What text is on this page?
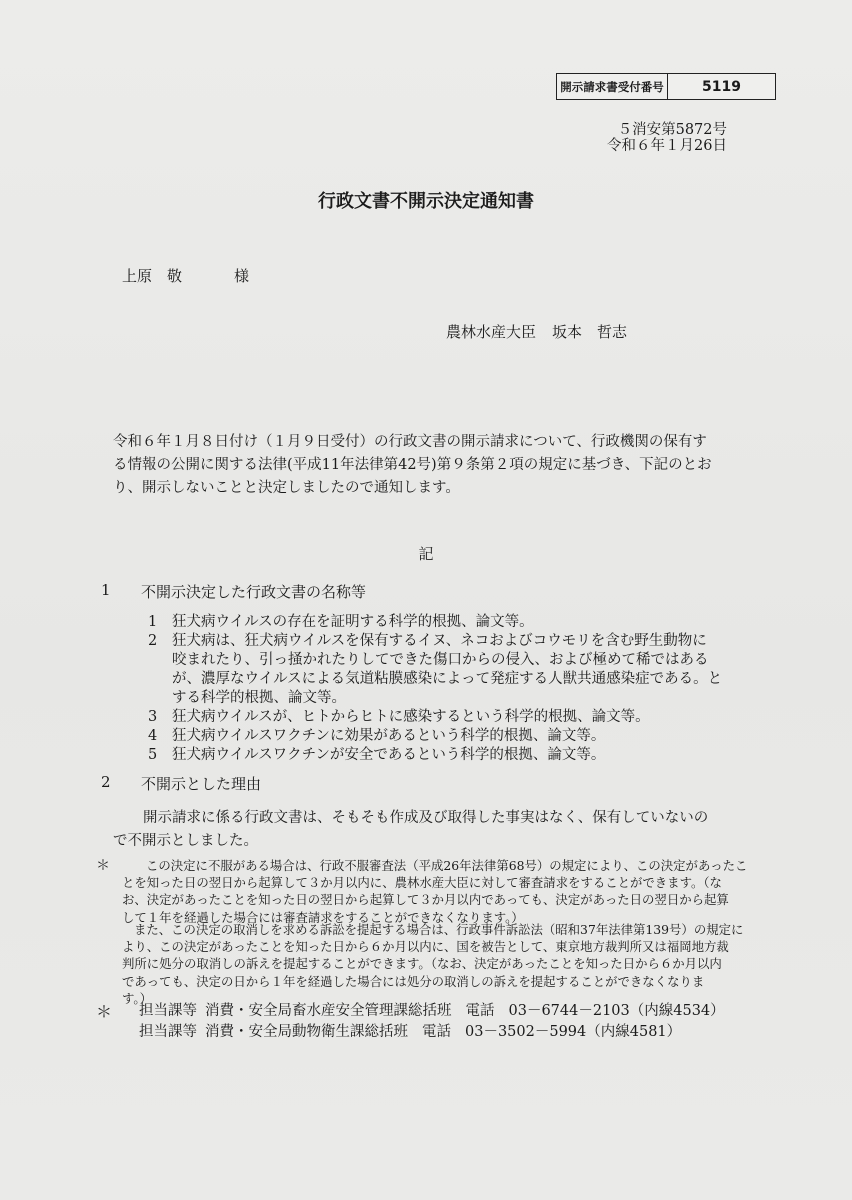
開示請求書受付番号	5119
５消安第5872号
令和６年１月26日
行政文書不開示決定通知書
上原　敬	様
農林水産大臣 坂本　哲志
令和６年１月８日付け（１月９日受付）の行政文書の開示請求について、行政機関の保有す
る情報の公開に関する法律(平成11年法律第42号)第９条第２項の規定に基づき、下記のとお
り、開示しないことと決定しましたので通知します。
記
1 不開示決定した行政文書の名称等
1 狂犬病ウイルスの存在を証明する科学的根拠、論文等。
2 狂犬病は、狂犬病ウイルスを保有するイヌ、ネコおよびコウモリを含む野生動物に
咬まれたり、引っ掻かれたりしてできた傷口からの侵入、および極めて稀ではある
が、濃厚なウイルスによる気道粘膜感染によって発症する人獣共通感染症である。と
する科学的根拠、論文等。
3 狂犬病ウイルスが、ヒトからヒトに感染するという科学的根拠、論文等。
4 狂犬病ウイルスワクチンに効果があるという科学的根拠、論文等。
5 狂犬病ウイルスワクチンが安全であるという科学的根拠、論文等。
2 不開示とした理由
開示請求に係る行政文書は、そもそも作成及び取得した事実はなく、保有していないの
で不開示としました。
＊	この決定に不服がある場合は、行政不服審査法（平成26年法律第68号）の規定により、この決定があったこ
とを知った日の翌日から起算して３か月以内に、農林水産大臣に対して審査請求をすることができます。（な
お、決定があったことを知った日の翌日から起算して３か月以内であっても、決定があった日の翌日から起算
して１年を経過した場合には審査請求をすることができなくなります。）
また、この決定の取消しを求める訴訟を提起する場合は、行政事件訴訟法（昭和37年法律第139号）の規定に
より、この決定があったことを知った日から６か月以内に、国を被告として、東京地方裁判所又は福岡地方裁
判所に処分の取消しの訴えを提起することができます。（なお、決定があったことを知った日から６か月以内
であっても、決定の日から１年を経過した場合には処分の取消しの訴えを提起することができなくなりま
す。）
＊ 担当課等 消費・安全局畜水産安全管理課総括班 電話 03－6744－2103（内線4534）
担当課等 消費・安全局動物衛生課総括班 電話 03－3502－5994（内線4581）
